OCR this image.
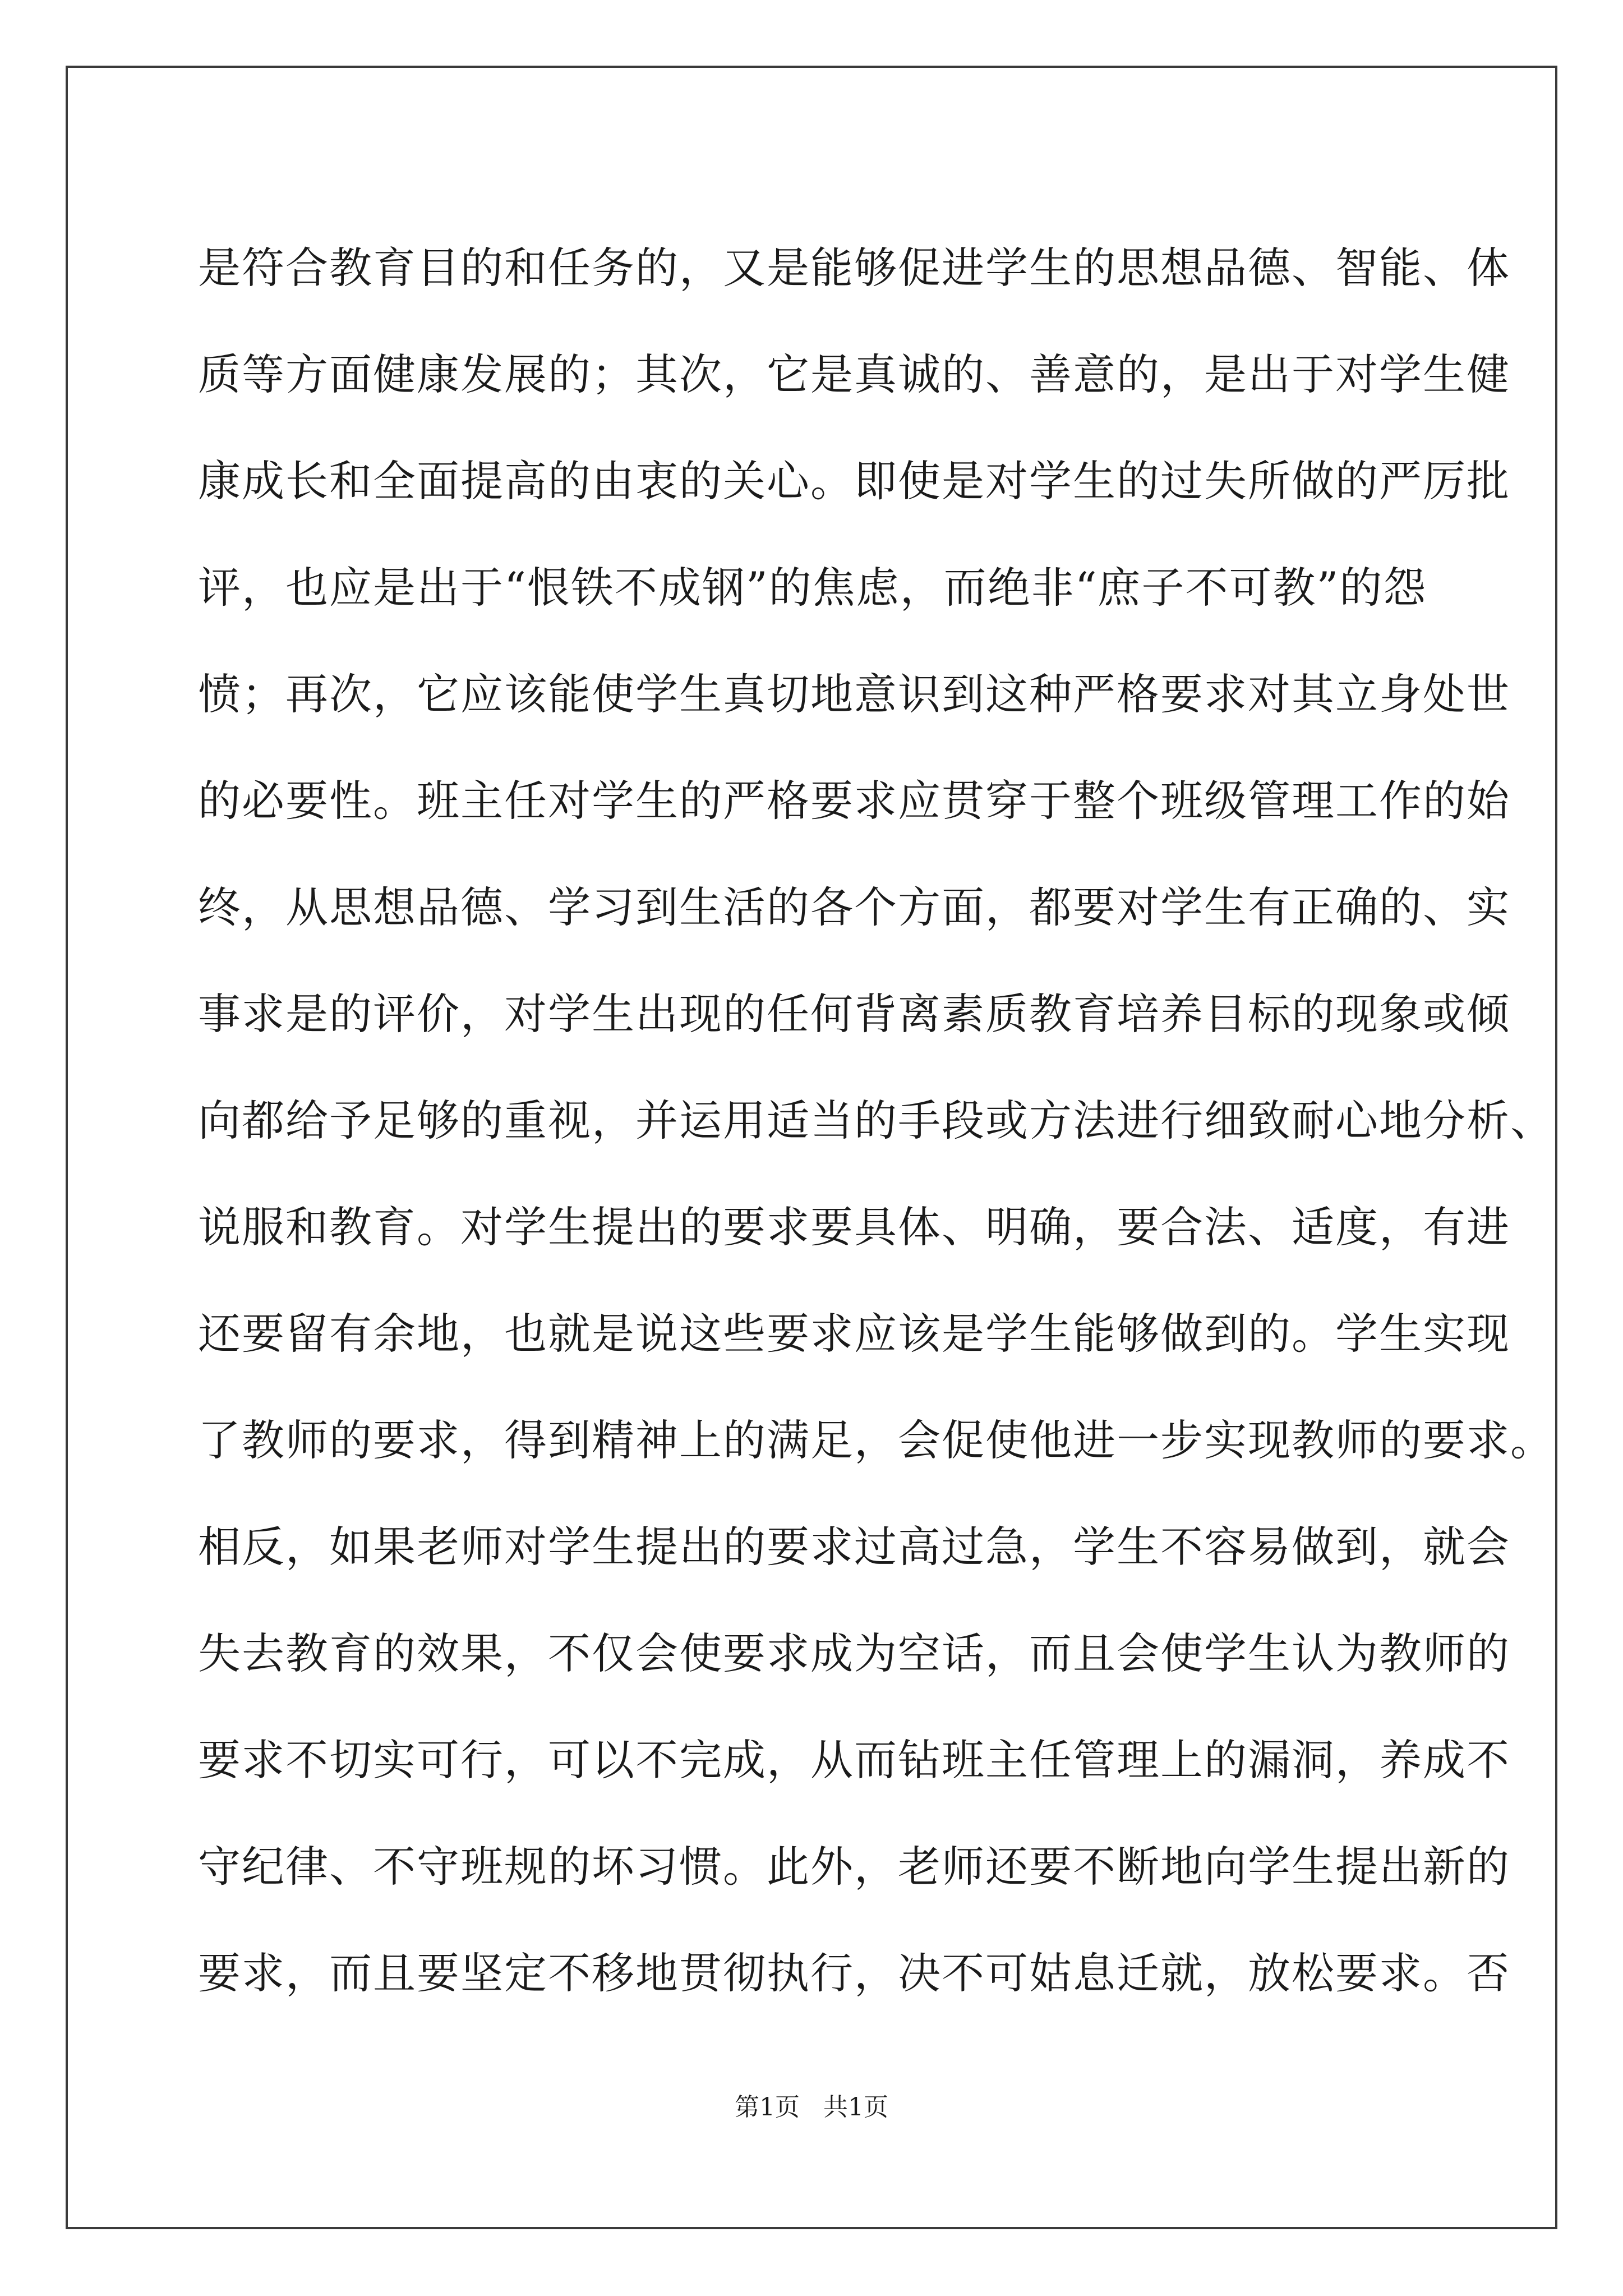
是符合教育目的和任务的，又是能够促进学生的思想品德、智能、体
质等方面健康发展的；其次，它是真诚的、善意的，是出于对学生健
康成长和全面提高的由衷的关心。即使是对学生的过失所做的严厉批
评，也应是出于“恨铁不成钢”的焦虑，而绝非“庶子不可教”的怨
愤；再次，它应该能使学生真切地意识到这种严格要求对其立身处世
的必要性。班主任对学生的严格要求应贯穿于整个班级管理工作的始
终，从思想品德、学习到生活的各个方面，都要对学生有正确的、实
事求是的评价，对学生出现的任何背离素质教育培养目标的现象或倾
向都给予足够的重视，并运用适当的手段或方法进行细致耐心地分析、
说服和教育。对学生提出的要求要具体、明确，要合法、适度，有进
还要留有余地，也就是说这些要求应该是学生能够做到的。学生实现
了教师的要求，得到精神上的满足，会促使他进一步实现教师的要求。
相反，如果老师对学生提出的要求过高过急，学生不容易做到，就会
失去教育的效果，不仅会使要求成为空话，而且会使学生认为教师的
要求不切实可行，可以不完成，从而钻班主任管理上的漏洞，养成不
守纪律、不守班规的坏习惯。此外，老师还要不断地向学生提出新的
要求，而且要坚定不移地贯彻执行，决不可姑息迁就，放松要求。否
第1页   共1页
